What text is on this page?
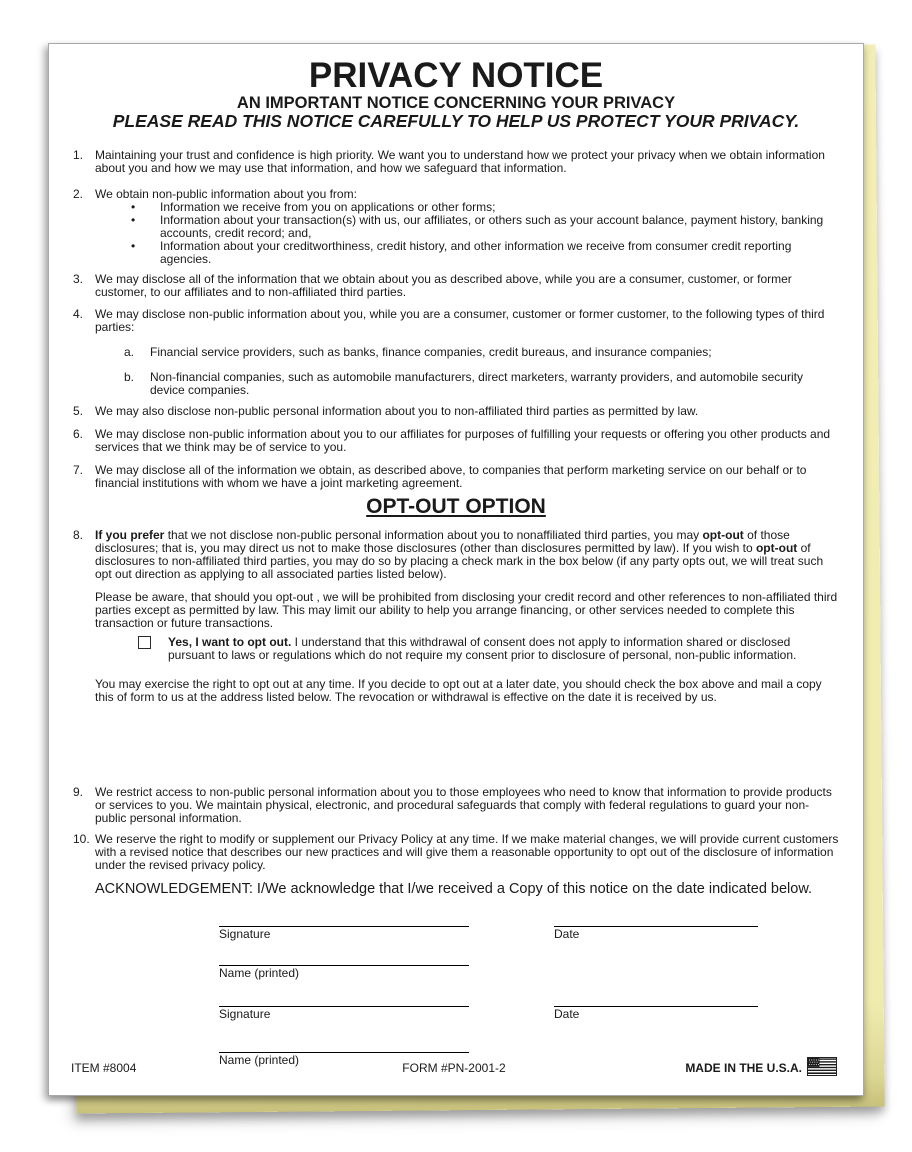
PRIVACY NOTICE
AN IMPORTANT NOTICE CONCERNING YOUR PRIVACY
PLEASE READ THIS NOTICE CAREFULLY TO HELP US PROTECT YOUR PRIVACY.
1. Maintaining your trust and confidence is high priority. We want you to understand how we protect your privacy when we obtain information about you and how we may use that information, and how we safeguard that information.
2. We obtain non-public information about you from:
•	Information we receive from you on applications or other forms;
•	Information about your transaction(s) with us, our affiliates, or others such as your account balance, payment history, banking accounts, credit record; and,
•	Information about your creditworthiness, credit history, and other information we receive from consumer credit reporting agencies.
3. We may disclose all of the information that we obtain about you as described above, while you are a consumer, customer, or former customer, to our affiliates and to non-affiliated third parties.
4. We may disclose non-public information about you, while you are a consumer, customer or former customer, to the following types of third parties:
a.	Financial service providers, such as banks, finance companies, credit bureaus, and insurance companies;
b.	Non-financial companies, such as automobile manufacturers, direct marketers, warranty providers, and automobile security device companies.
5. We may also disclose non-public personal information about you to non-affiliated third parties as permitted by law.
6. We may disclose non-public information about you to our affiliates for purposes of fulfilling your requests or offering you other products and services that we think may be of service to you.
7. We may disclose all of the information we obtain, as described above, to companies that perform marketing service on our behalf or to financial institutions with whom we have a joint marketing agreement.
OPT-OUT OPTION
8. If you prefer that we not disclose non-public personal information about you to nonaffiliated third parties, you may opt-out of those disclosures; that is, you may direct us not to make those disclosures (other than disclosures permitted by law). If you wish to opt-out of disclosures to non-affiliated third parties, you may do so by placing a check mark in the box below (if any party opts out, we will treat such opt out direction as applying to all associated parties listed below).
Please be aware, that should you opt-out , we will be prohibited from disclosing your credit record and other references to non-affiliated third parties except as permitted by law. This may limit our ability to help you arrange financing, or other services needed to complete this transaction or future transactions.
Yes, I want to opt out. I understand that this withdrawal of consent does not apply to information shared or disclosed pursuant to laws or regulations which do not require my consent prior to disclosure of personal, non-public information.
You may exercise the right to opt out at any time. If you decide to opt out at a later date, you should check the box above and mail a copy this of form to us at the address listed below. The revocation or withdrawal is effective on the date it is received by us.
9. We restrict access to non-public personal information about you to those employees who need to know that information to provide products or services to you. We maintain physical, electronic, and procedural safeguards that comply with federal regulations to guard your non-public personal information.
10. We reserve the right to modify or supplement our Privacy Policy at any time. If we make material changes, we will provide current customers with a revised notice that describes our new practices and will give them a reasonable opportunity to opt out of the disclosure of information under the revised privacy policy.
ACKNOWLEDGEMENT: I/We acknowledge that I/we received a Copy of this notice on the date indicated below.
Signature	Date
Name (printed)
Signature	Date
Name (printed)
ITEM #8004	FORM #PN-2001-2	MADE IN THE U.S.A.
